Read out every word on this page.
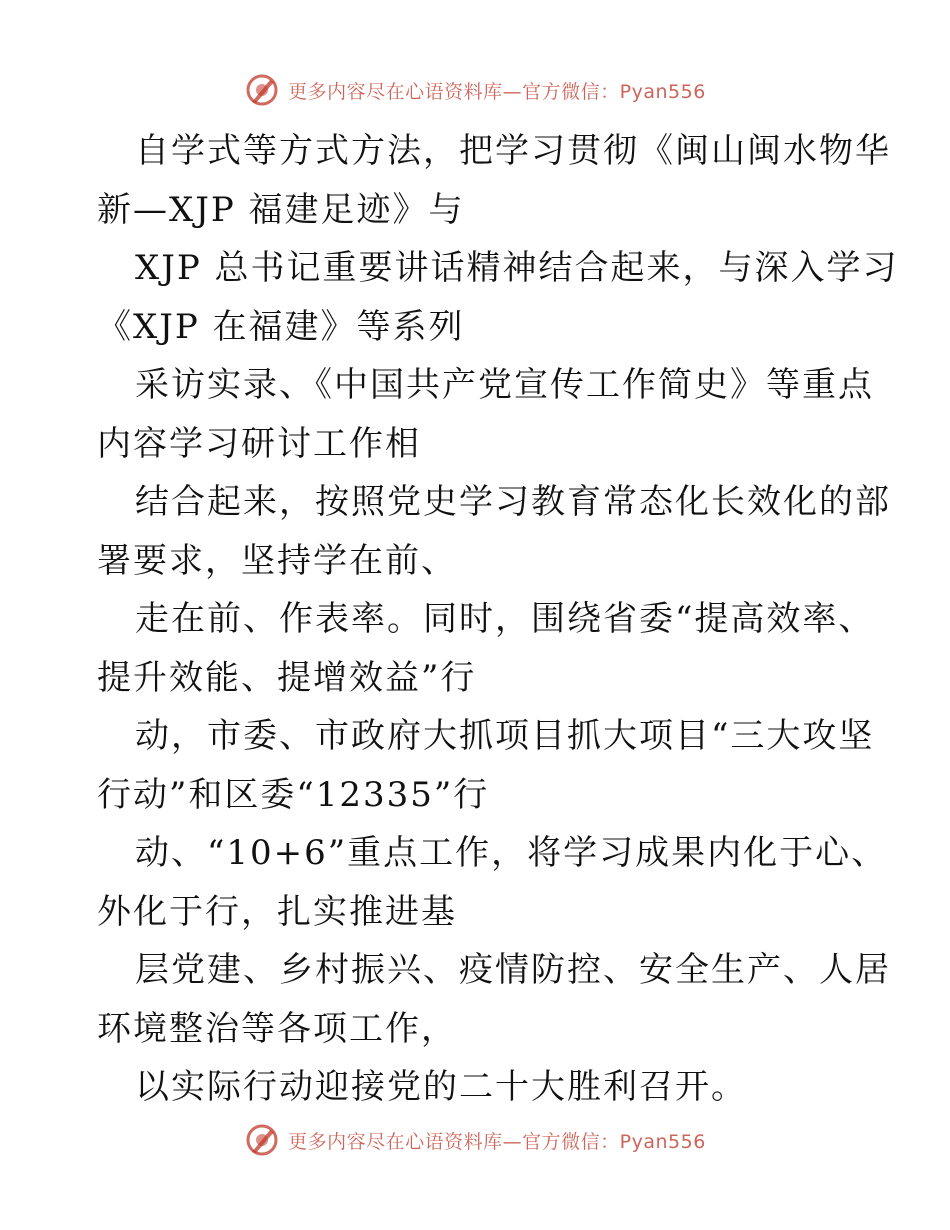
更多内容尽在心语资料库—官方微信：Pyan556
自学式等方式方法，把学习贯彻《闽山闽水物华
新—XJP 福建足迹》与
XJP 总书记重要讲话精神结合起来，与深入学习
《XJP 在福建》等系列
采访实录、《中国共产党宣传工作简史》等重点
内容学习研讨工作相
结合起来，按照党史学习教育常态化长效化的部
署要求，坚持学在前、
走在前、作表率。同时，围绕省委“提高效率、
提升效能、提增效益”行
动，市委、市政府大抓项目抓大项目“三大攻坚
行动”和区委“12335”行
动、“10+6”重点工作，将学习成果内化于心、
外化于行，扎实推进基
层党建、乡村振兴、疫情防控、安全生产、人居
环境整治等各项工作，
以实际行动迎接党的二十大胜利召开。
更多内容尽在心语资料库—官方微信：Pyan556
